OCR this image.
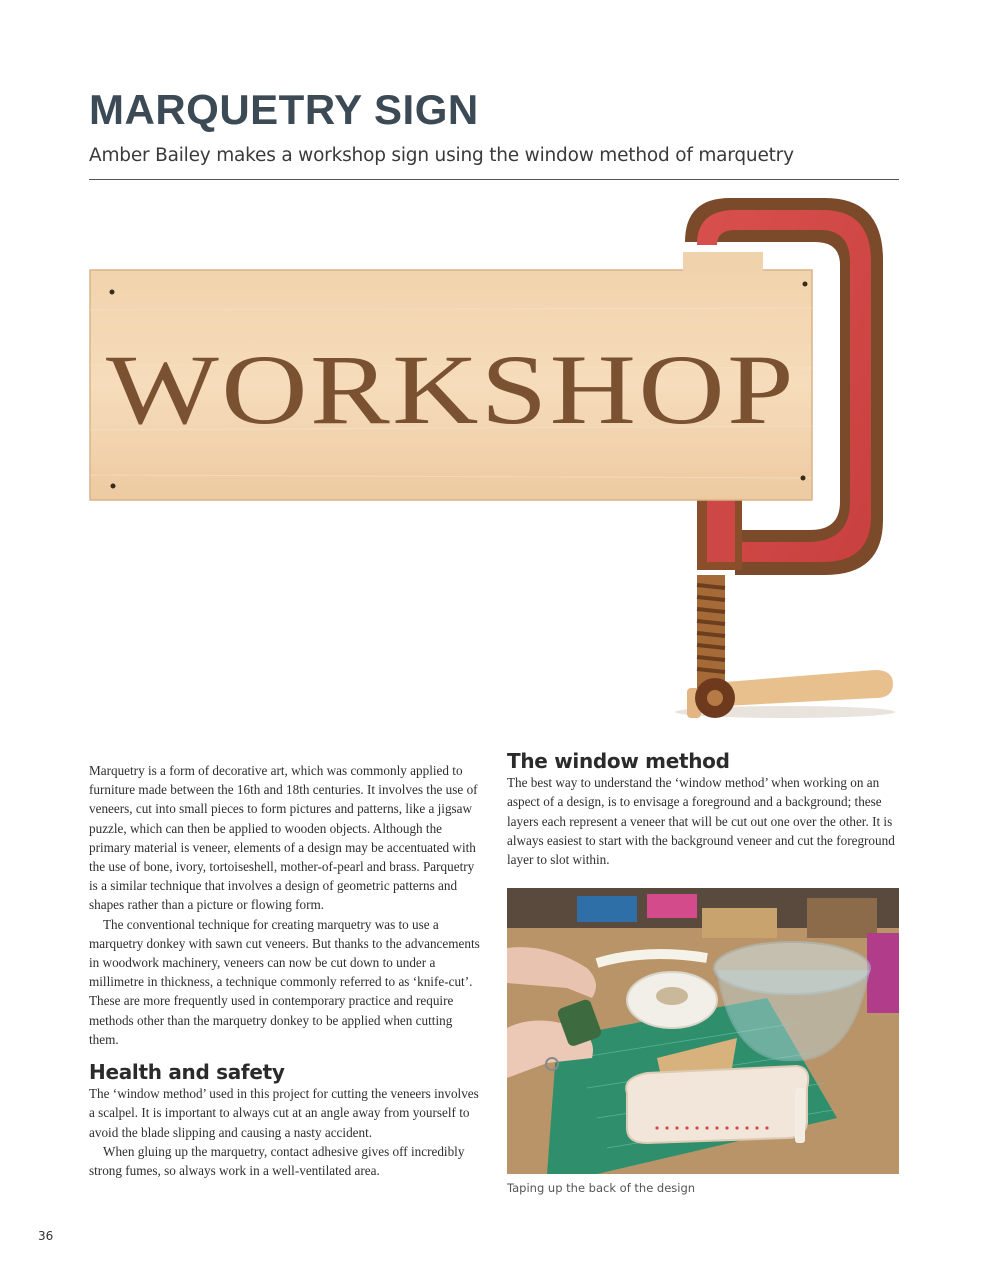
MARQUETRY SIGN
Amber Bailey makes a workshop sign using the window method of marquetry
WORKSHOP

Marquetry is a form of decorative art, which was commonly applied to furniture made between the 16th and 18th centuries. It involves the use of veneers, cut into small pieces to form pictures and patterns, like a jigsaw puzzle, which can then be applied to wooden objects. Although the primary material is veneer, elements of a design may be accentuated with the use of bone, ivory, tortoiseshell, mother-of-pearl and brass. Parquetry is a similar technique that involves a design of geometric patterns and shapes rather than a picture or flowing form.

The conventional technique for creating marquetry was to use a marquetry donkey with sawn cut veneers. But thanks to the advancements in woodwork machinery, veneers can now be cut down to under a millimetre in thickness, a technique commonly referred to as ‘knife-cut’. These are more frequently used in contemporary practice and require methods other than the marquetry donkey to be applied when cutting them.

Health and safety

The ‘window method’ used in this project for cutting the veneers involves a scalpel. It is important to always cut at an angle away from yourself to avoid the blade slipping and causing a nasty accident.

When gluing up the marquetry, contact adhesive gives off incredibly strong fumes, so always work in a well-ventilated area.

The window method

The best way to understand the ‘window method’ when working on an aspect of a design, is to envisage a foreground and a background; these layers each represent a veneer that will be cut out one over the other. It is always easiest to start with the background veneer and cut the foreground layer to slot within.

Taping up the back of the design
36
